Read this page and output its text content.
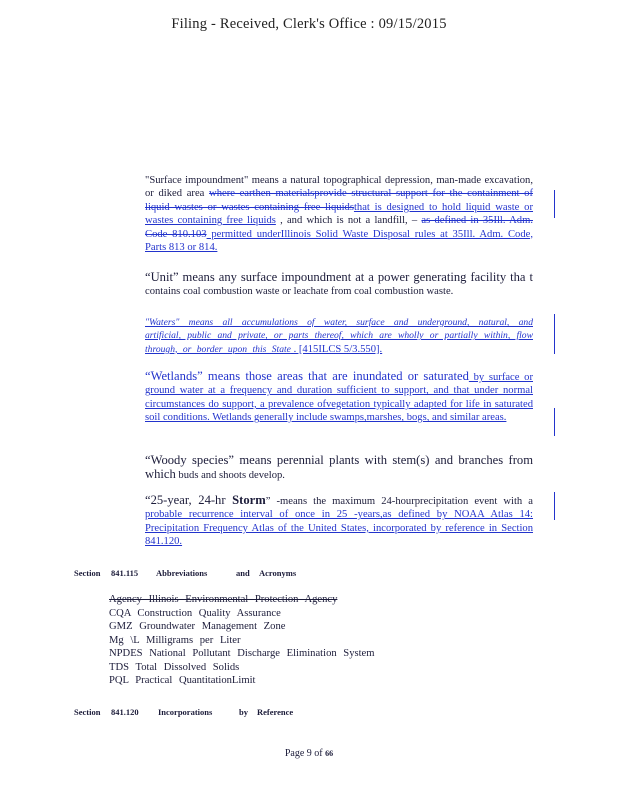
Filing - Received, Clerk's Office : 09/15/2015
"Surface impoundment" means a natural topographical depression, man-made excavation, or diked area where earthen materialsprovide structural support for the containment of liquid wastes or wastes containing free liquidsthat is designed to hold liquid waste or wastes containing free liquids , and which is not a landfill, – as defined in 35Ill. Adm. Code 810.103 permitted underIllinois Solid Waste Disposal rules at 35Ill. Adm. Code, Parts 813 or 814.
“Unit” means any surface impoundment at a power generating facility tha t contains coal combustion waste or leachate from coal combustion waste.
"Waters" means all accumulations of water, surface and underground, natural, and artificial, public and private, or parts thereof, which are wholly or partially within, flow through, or border upon this State . [415ILCS 5/3.550].
“Wetlands” means those areas that are inundated or saturated by surface or ground water at a frequency and duration sufficient to support, and that under normal circumstances do support, a prevalence ofvegetation typically adapted for life in saturated soil conditions. Wetlands generally include swamps,marshes, bogs, and similar areas.
“Woody species” means perennial plants with stem(s) and branches from which buds and shoots develop.
“25-year, 24-hr Storm” -means the maximum 24-hourprecipitation event with a probable recurrence interval of once in 25 -years,as defined by NOAA Atlas 14: Precipitation Frequency Atlas of the United States, incorporated by reference in Section 841.120.
Section 841.115 Abbreviations	and Acronyms
Agency Illinois Environmental Protection Agency
CQA Construction Quality Assurance
GMZ Groundwater Management Zone
Mg \L Milligrams per Liter
NPDES National Pollutant Discharge Elimination System
TDS Total Dissolved Solids
PQL Practical QuantitationLimit
Section 841.120 Incorporations	by Reference
Page 9 of 66
